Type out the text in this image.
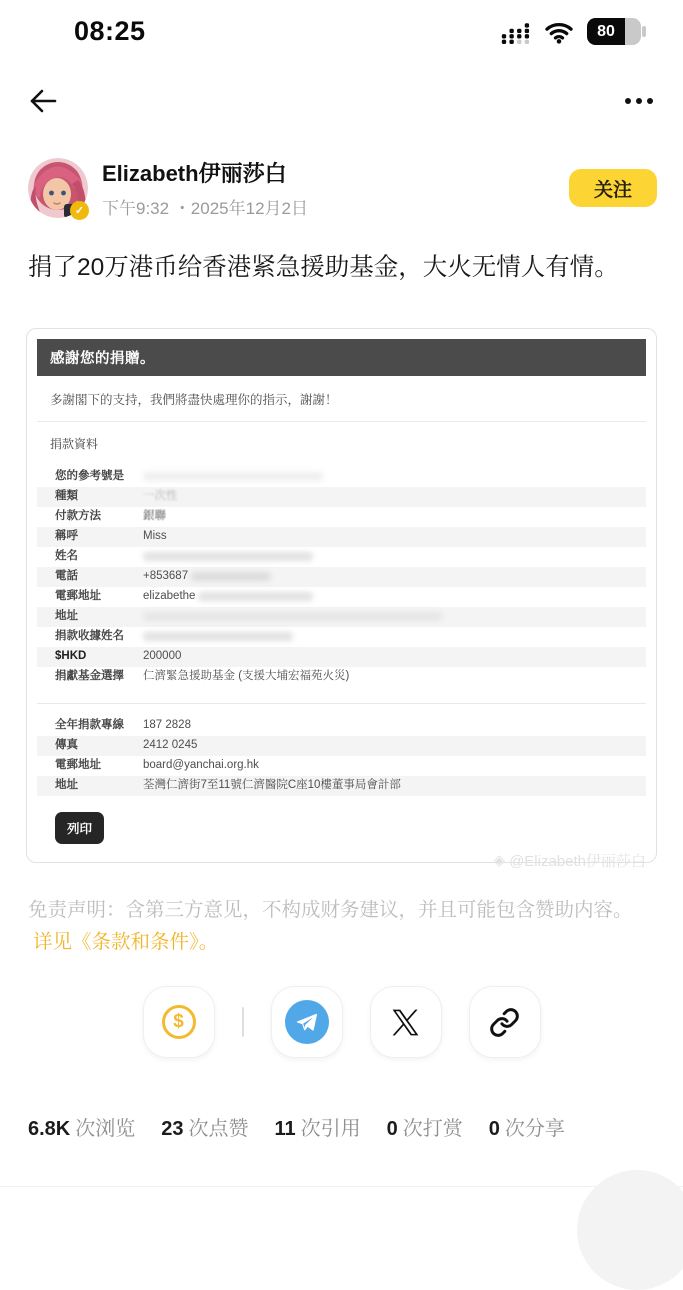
08:25	80
✓
Elizabeth伊丽莎白
下午9:32 ・2025年12月2日
关注
捐了20万港币给香港紧急援助基金，大火无情人有情。
感謝您的捐贈。
多謝閣下的支持，我們將盡快處理你的指示，謝謝！
捐款資料
您的參考號是
種類	一次性
付款方法	銀聯
稱呼	Miss
姓名
電話	+853687
電郵地址	elizabethe
地址
捐款收據姓名
$HKD	200000
捐獻基金選擇	仁濟緊急援助基金 (支援大埔宏福苑火災)
全年捐款專線	187 2828
傳真	2412 0245
電郵地址	board@yanchai.org.hk
地址	荃灣仁濟街7至11號仁濟醫院C座10樓董事局會計部
列印
◈ @Elizabeth伊丽莎白
免责声明：含第三方意见，不构成财务建议，并且可能包含赞助内容。
详见《条款和条件》。
$
6.8K 次浏览 23 次点赞 11 次引用 0 次打赏 0 次分享
